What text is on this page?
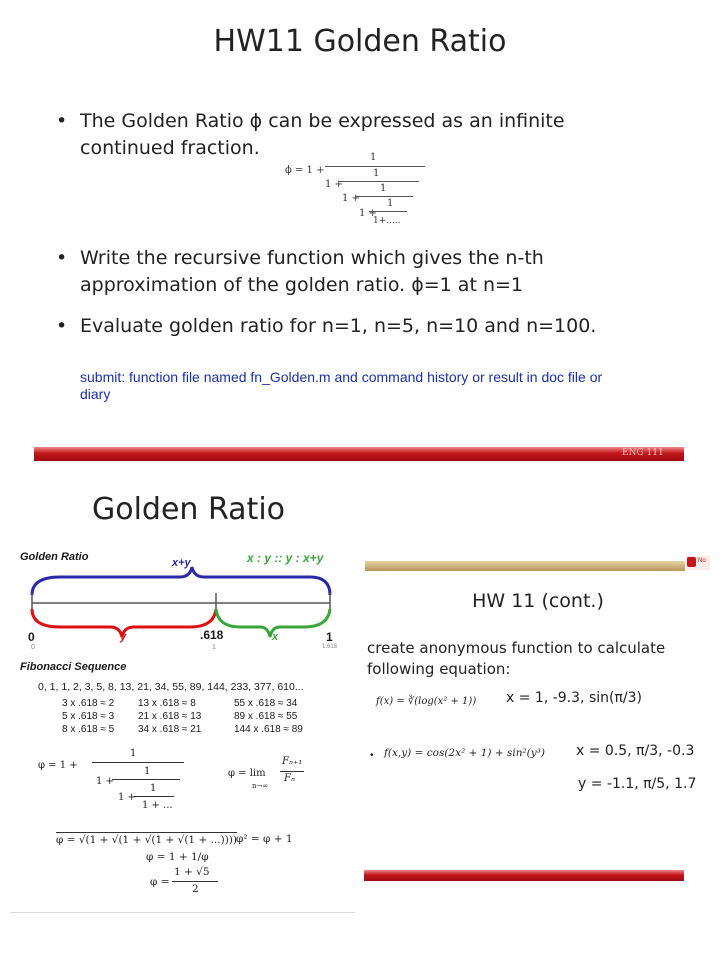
HW11 Golden Ratio
• The Golden Ratio ϕ can be expressed as an infinite continued fraction.
ϕ = 1 +
1
1 +
1
1 +
1
1 +
1
1+.....
• Write the recursive function which gives the n-th approximation of the golden ratio. ϕ=1 at n=1
• Evaluate golden ratio for n=1, n=5, n=10 and n=100.
submit: function file named fn_Golden.m and command history or result in doc file or diary
ENG 111
Golden Ratio
Golden Ratio	x+y	x : y :: y : x+y
0
0
y	.618
1
x	1
1.618
Fibonacci Sequence
0, 1, 1, 2, 3, 5, 8, 13, 21, 34, 55, 89, 144, 233, 377, 610...
3 x .618 ≈ 2 13 x .618 ≈ 8	55 x .618 ≈ 34
5 x .618 ≈ 3 21 x .618 ≈ 13	89 x .618 ≈ 55
8 x .618 ≈ 5 34 x .618 ≈ 21	144 x .618 ≈ 89
φ = 1 +
1
1 +
1
1 +
1
1 + ...
φ = lim
n→∞
Fₙ₊₁
Fₙ
φ = √(1 + √(1 + √(1 + √(1 + ...)))) φ² = φ + 1
φ = 1 + 1/φ
φ =
1 + √5
2
No
HW 11 (cont.)
create anonymous function to calculate following equation:
f(x) = ∛(log(x² + 1)) x = 1, -9.3, sin(π/3)
• f(x,y) = cos(2x² + 1) + sin²(y³) x = 0.5, π/3, -0.3
y = -1.1, π/5, 1.7
